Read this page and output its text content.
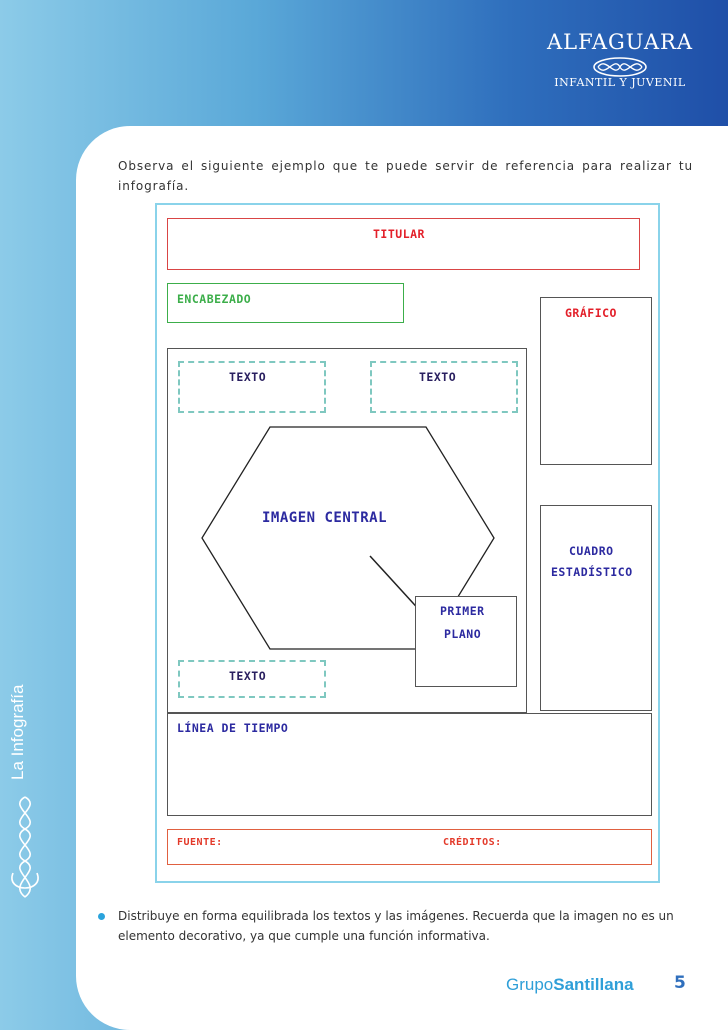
ALFAGUARA
INFANTIL Y JUVENIL
La Infografía

Observa el siguiente ejemplo que te puede servir de referencia para realizar tu infografía.

TITULAR
ENCABEZADO
GRÁFICO
TEXTO	TEXTO
IMAGEN CENTRAL
CUADRO
ESTADÍSTICO
PRIMER
PLANO
TEXTO
LÍNEA DE TIEMPO
FUENTE:	CRÉDITOS:

Distribuye en forma equilibrada los textos y las imágenes. Recuerda que la imagen no es un elemento decorativo, ya que cumple una función informativa.

GrupoSantillana 5
